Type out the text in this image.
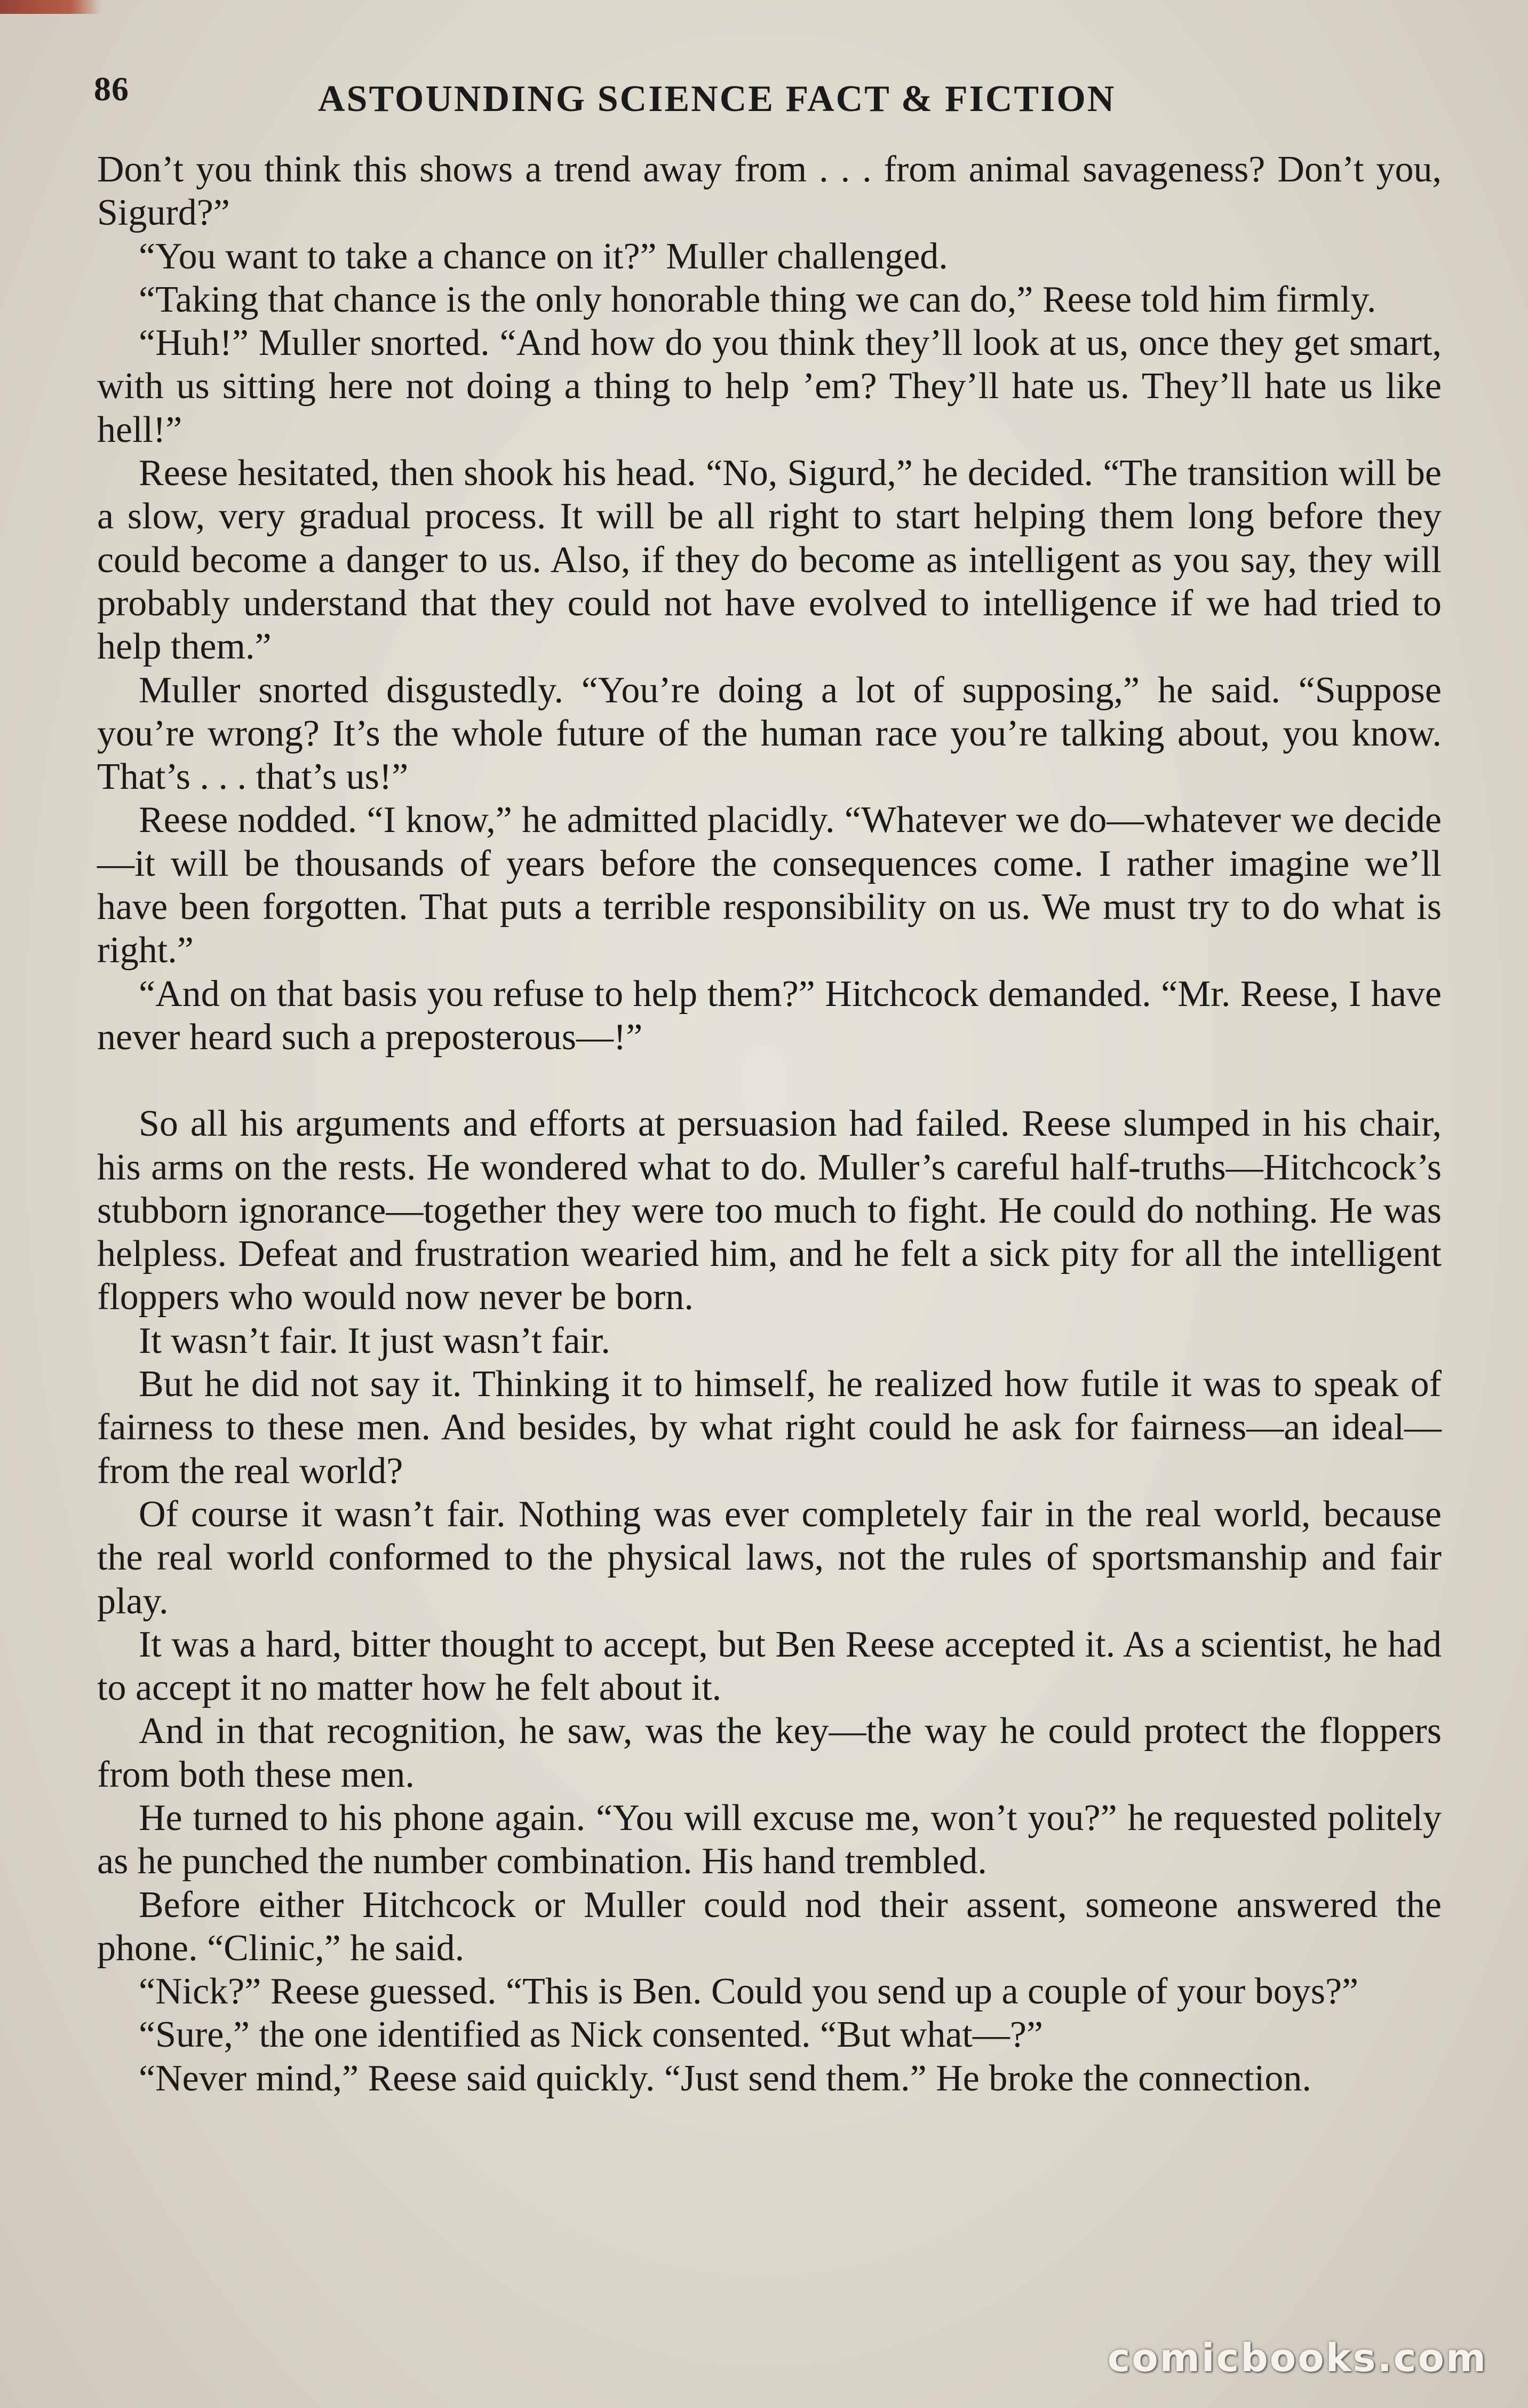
86	ASTOUNDING SCIENCE FACT & FICTION

Don’t you think this shows a trend away from . . . from animal savageness? Don’t you, Sigurd?”

“You want to take a chance on it?” Muller challenged.

“Taking that chance is the only honorable thing we can do,” Reese told him firmly.

“Huh!” Muller snorted. “And how do you think they’ll look at us, once they get smart, with us sitting here not doing a thing to help ’em? They’ll hate us. They’ll hate us like hell!”

Reese hesitated, then shook his head. “No, Sigurd,” he decided. “The transition will be a slow, very gradual process. It will be all right to start helping them long before they could become a danger to us. Also, if they do become as intelligent as you say, they will probably understand that they could not have evolved to intelligence if we had tried to help them.”

Muller snorted disgustedly. “You’re doing a lot of supposing,” he said. “Suppose you’re wrong? It’s the whole future of the human race you’re talking about, you know. That’s . . . that’s us!”

Reese nodded. “I know,” he admitted placidly. “Whatever we do—whatever we decide—it will be thousands of years before the consequences come. I rather imagine we’ll have been forgotten. That puts a terrible responsibility on us. We must try to do what is right.”

“And on that basis you refuse to help them?” Hitchcock demanded. “Mr. Reese, I have never heard such a preposterous—!”

So all his arguments and efforts at persuasion had failed. Reese slumped in his chair, his arms on the rests. He wondered what to do. Muller’s careful half-truths—Hitchcock’s stubborn ignorance—together they were too much to fight. He could do nothing. He was helpless. Defeat and frustration wearied him, and he felt a sick pity for all the intelligent floppers who would now never be born.

It wasn’t fair. It just wasn’t fair.

But he did not say it. Thinking it to himself, he realized how futile it was to speak of fairness to these men. And besides, by what right could he ask for fairness—an ideal—from the real world?

Of course it wasn’t fair. Nothing was ever completely fair in the real world, because the real world conformed to the physical laws, not the rules of sportsmanship and fair play.

It was a hard, bitter thought to accept, but Ben Reese accepted it. As a scientist, he had to accept it no matter how he felt about it.

And in that recognition, he saw, was the key—the way he could protect the floppers from both these men.

He turned to his phone again. “You will excuse me, won’t you?” he requested politely as he punched the number combination. His hand trembled.

Before either Hitchcock or Muller could nod their assent, someone answered the phone. “Clinic,” he said.

“Nick?” Reese guessed. “This is Ben. Could you send up a couple of your boys?”

“Sure,” the one identified as Nick consented. “But what—?”

“Never mind,” Reese said quickly. “Just send them.” He broke the connection.

comicbooks.com
